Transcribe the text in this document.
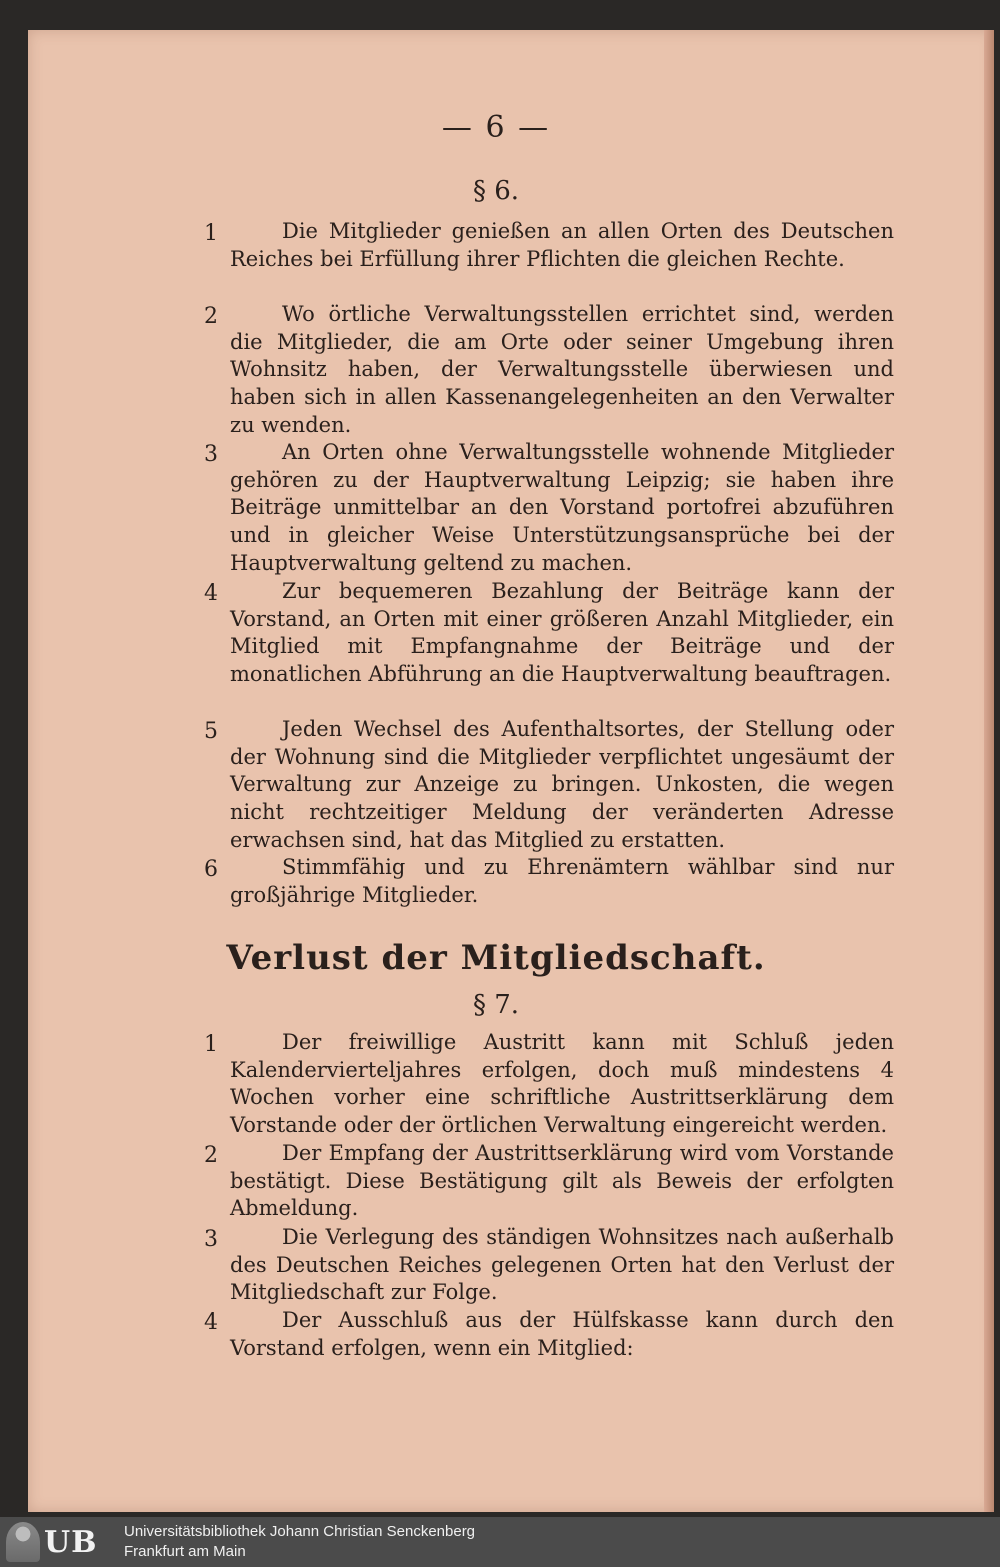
— 6 —
§ 6.
1	Die Mitglieder genießen an allen Orten des Deutschen Reiches bei Erfüllung ihrer Pflichten die gleichen Rechte.

2	Wo örtliche Verwaltungsstellen errichtet sind, werden die Mitglieder, die am Orte oder seiner Umgebung ihren Wohnsitz haben, der Verwaltungsstelle überwiesen und haben sich in allen Kassenangelegenheiten an den Verwalter zu wenden.

3	An Orten ohne Verwaltungsstelle wohnende Mitglieder gehören zu der Hauptverwaltung Leipzig; sie haben ihre Beiträge unmittelbar an den Vorstand portofrei abzuführen und in gleicher Weise Unterstützungsansprüche bei der Hauptverwaltung geltend zu machen.

4	Zur bequemeren Bezahlung der Beiträge kann der Vorstand, an Orten mit einer größeren Anzahl Mitglieder, ein Mitglied mit Empfangnahme der Beiträge und der monatlichen Abführung an die Hauptverwaltung beauftragen.

5	Jeden Wechsel des Aufenthaltsortes, der Stellung oder der Wohnung sind die Mitglieder verpflichtet ungesäumt der Verwaltung zur Anzeige zu bringen. Unkosten, die wegen nicht rechtzeitiger Meldung der veränderten Adresse erwachsen sind, hat das Mitglied zu erstatten.

6	Stimmfähig und zu Ehrenämtern wählbar sind nur großjährige Mitglieder.

Verlust der Mitgliedschaft.
§ 7.
1	Der freiwillige Austritt kann mit Schluß jeden Kalendervierteljahres erfolgen, doch muß mindestens 4 Wochen vorher eine schriftliche Austrittserklärung dem Vorstande oder der örtlichen Verwaltung eingereicht werden.

2	Der Empfang der Austrittserklärung wird vom Vorstande bestätigt. Diese Bestätigung gilt als Beweis der erfolgten Abmeldung.

3	Die Verlegung des ständigen Wohnsitzes nach außerhalb des Deutschen Reiches gelegenen Orten hat den Verlust der Mitgliedschaft zur Folge.

4	Der Ausschluß aus der Hülfskasse kann durch den Vorstand erfolgen, wenn ein Mitglied:

UB Universitätsbibliothek Johann Christian Senckenberg
Frankfurt am Main
